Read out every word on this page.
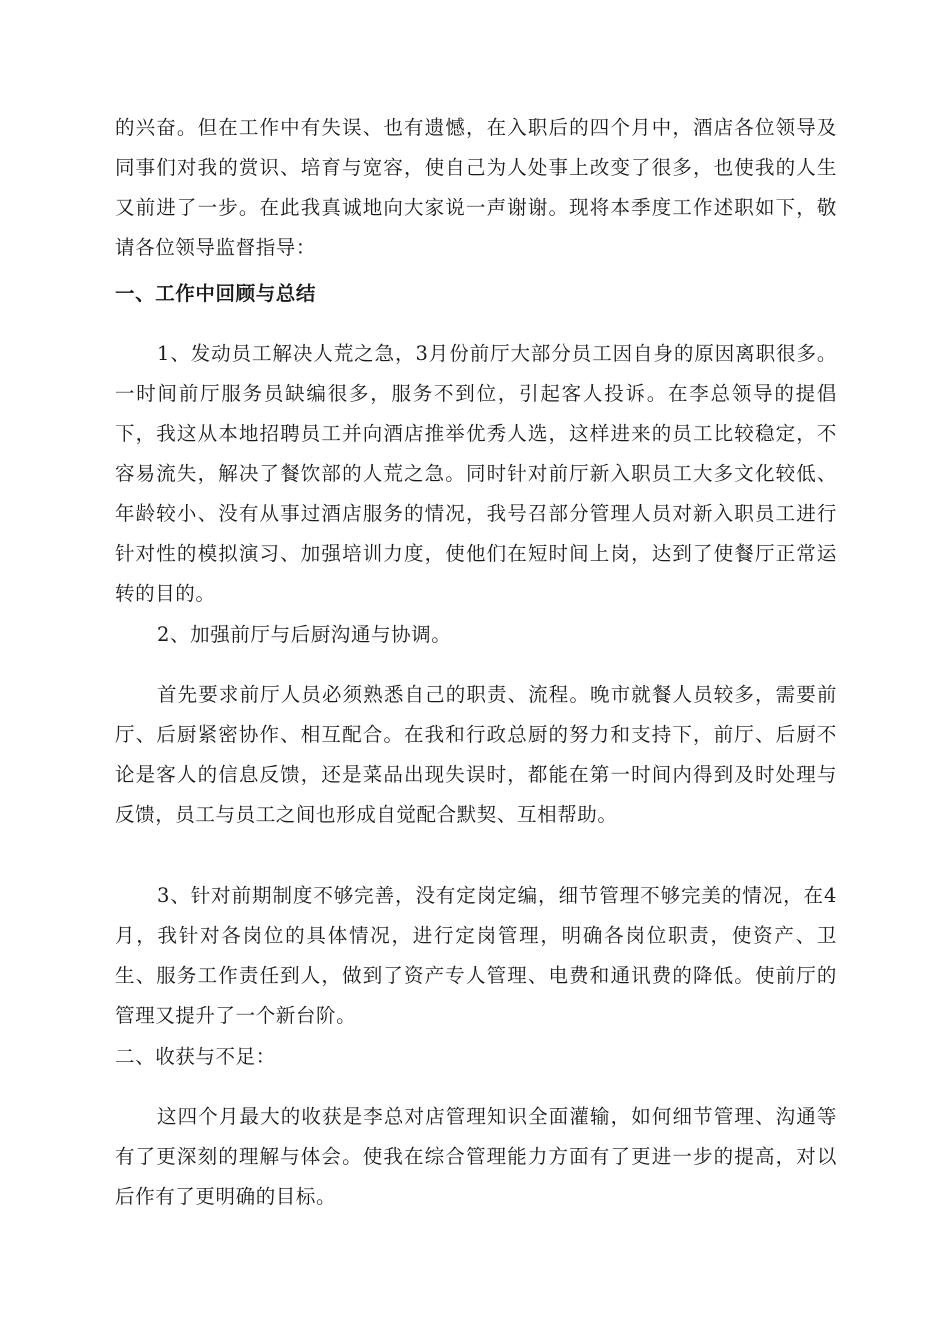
的兴奋。但在工作中有失误、也有遗憾，在入职后的四个月中，酒店各位领导及同事们对我的赏识、培育与宽容，使自己为人处事上改变了很多，也使我的人生又前进了一步。在此我真诚地向大家说一声谢谢。现将本季度工作述职如下，敬请各位领导监督指导：

一、工作中回顾与总结

1、发动员工解决人荒之急，3月份前厅大部分员工因自身的原因离职很多。一时间前厅服务员缺编很多，服务不到位，引起客人投诉。在李总领导的提倡下，我这从本地招聘员工并向酒店推举优秀人选，这样进来的员工比较稳定，不容易流失，解决了餐饮部的人荒之急。同时针对前厅新入职员工大多文化较低、年龄较小、没有从事过酒店服务的情况，我号召部分管理人员对新入职员工进行针对性的模拟演习、加强培训力度，使他们在短时间上岗，达到了使餐厅正常运转的目的。

2、加强前厅与后厨沟通与协调。

首先要求前厅人员必须熟悉自己的职责、流程。晚市就餐人员较多，需要前厅、后厨紧密协作、相互配合。在我和行政总厨的努力和支持下，前厅、后厨不论是客人的信息反馈，还是菜品出现失误时，都能在第一时间内得到及时处理与反馈，员工与员工之间也形成自觉配合默契、互相帮助。

3、针对前期制度不够完善，没有定岗定编，细节管理不够完美的情况，在4月，我针对各岗位的具体情况，进行定岗管理，明确各岗位职责，使资产、卫生、服务工作责任到人，做到了资产专人管理、电费和通讯费的降低。使前厅的管理又提升了一个新台阶。

二、收获与不足：

这四个月最大的收获是李总对店管理知识全面灌输，如何细节管理、沟通等有了更深刻的理解与体会。使我在综合管理能力方面有了更进一步的提高，对以后作有了更明确的目标。
